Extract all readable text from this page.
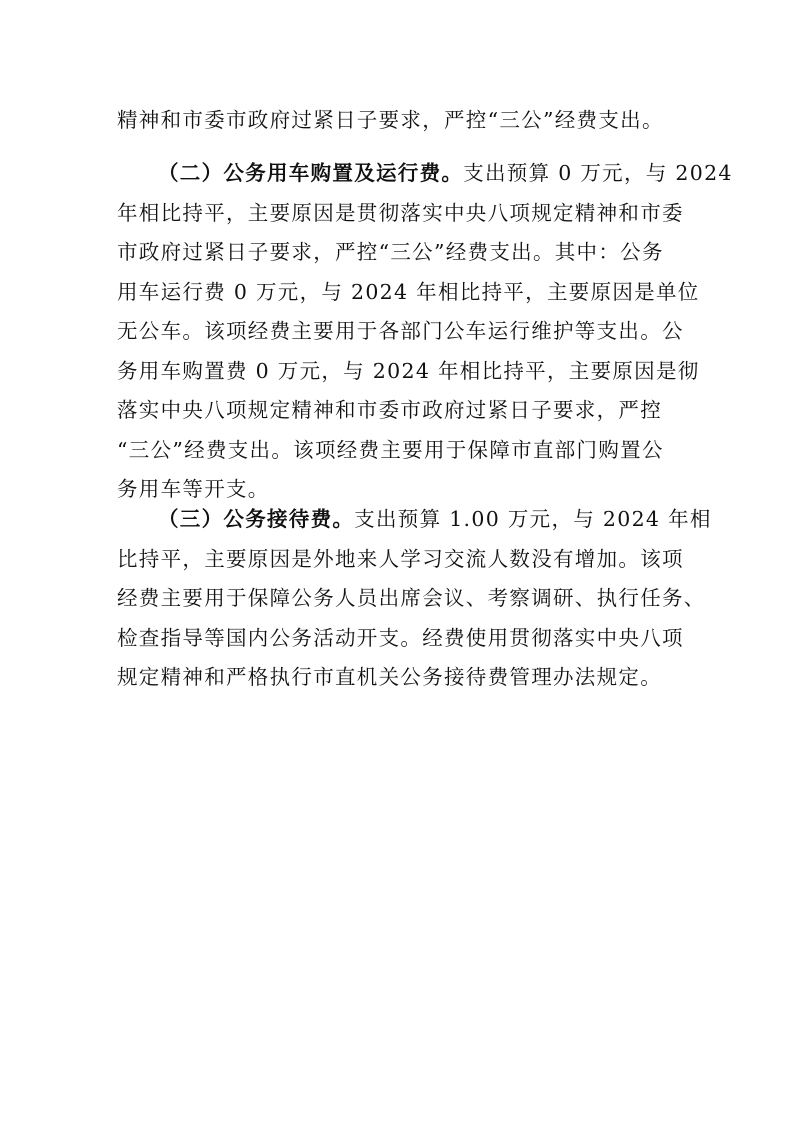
精神和市委市政府过紧日子要求，严控“三公”经费支出。

（二）公务用车购置及运行费。支出预算 0 万元，与 2024
年相比持平，主要原因是贯彻落实中央八项规定精神和市委
市政府过紧日子要求，严控“三公”经费支出。其中：公务
用车运行费 0 万元，与 2024 年相比持平，主要原因是单位
无公车。该项经费主要用于各部门公车运行维护等支出。公
务用车购置费 0 万元，与 2024 年相比持平，主要原因是彻
落实中央八项规定精神和市委市政府过紧日子要求，严控
“三公”经费支出。该项经费主要用于保障市直部门购置公
务用车等开支。

（三）公务接待费。支出预算 1.00 万元，与 2024 年相
比持平，主要原因是外地来人学习交流人数没有增加。该项
经费主要用于保障公务人员出席会议、考察调研、执行任务、
检查指导等国内公务活动开支。经费使用贯彻落实中央八项
规定精神和严格执行市直机关公务接待费管理办法规定。
